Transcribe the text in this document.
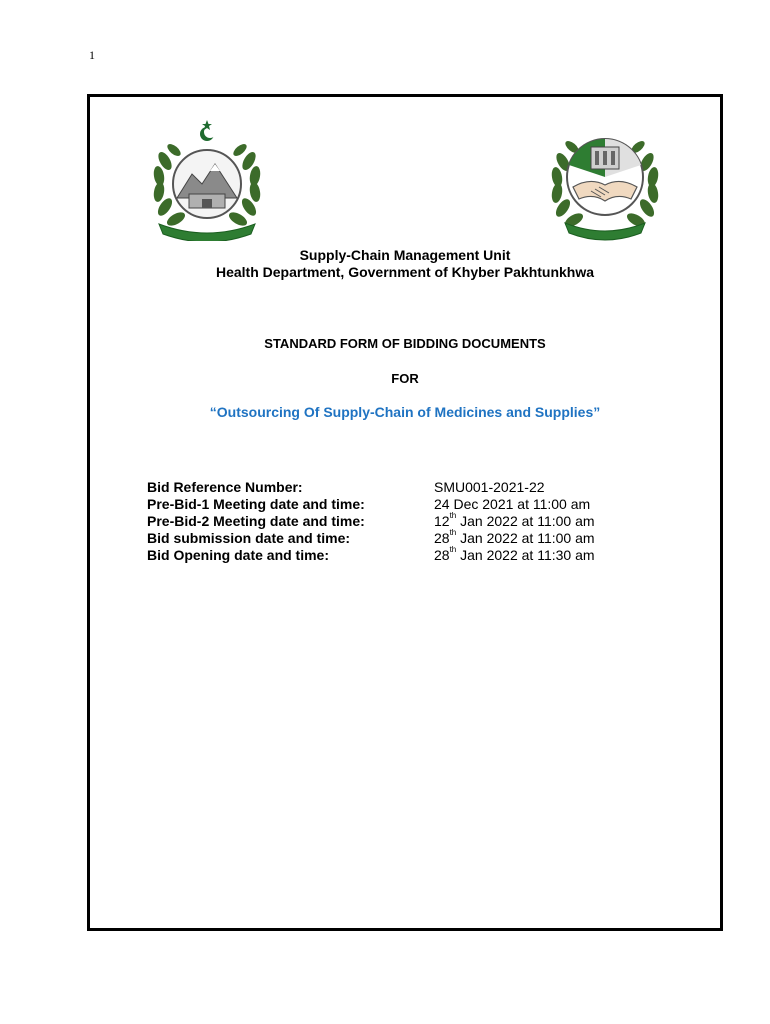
1
Supply-Chain Management Unit
Health Department, Government of Khyber Pakhtunkhwa
STANDARD FORM OF BIDDING DOCUMENTS
FOR
“Outsourcing Of Supply-Chain of Medicines and Supplies”
Bid Reference Number:	SMU001-2021-22
Pre-Bid-1 Meeting date and time:	24 Dec 2021 at 11:00 am
Pre-Bid-2 Meeting date and time:	12th Jan 2022 at 11:00 am
Bid submission date and time:	28th Jan 2022 at 11:00 am
Bid Opening date and time:	28th Jan 2022 at 11:30 am
